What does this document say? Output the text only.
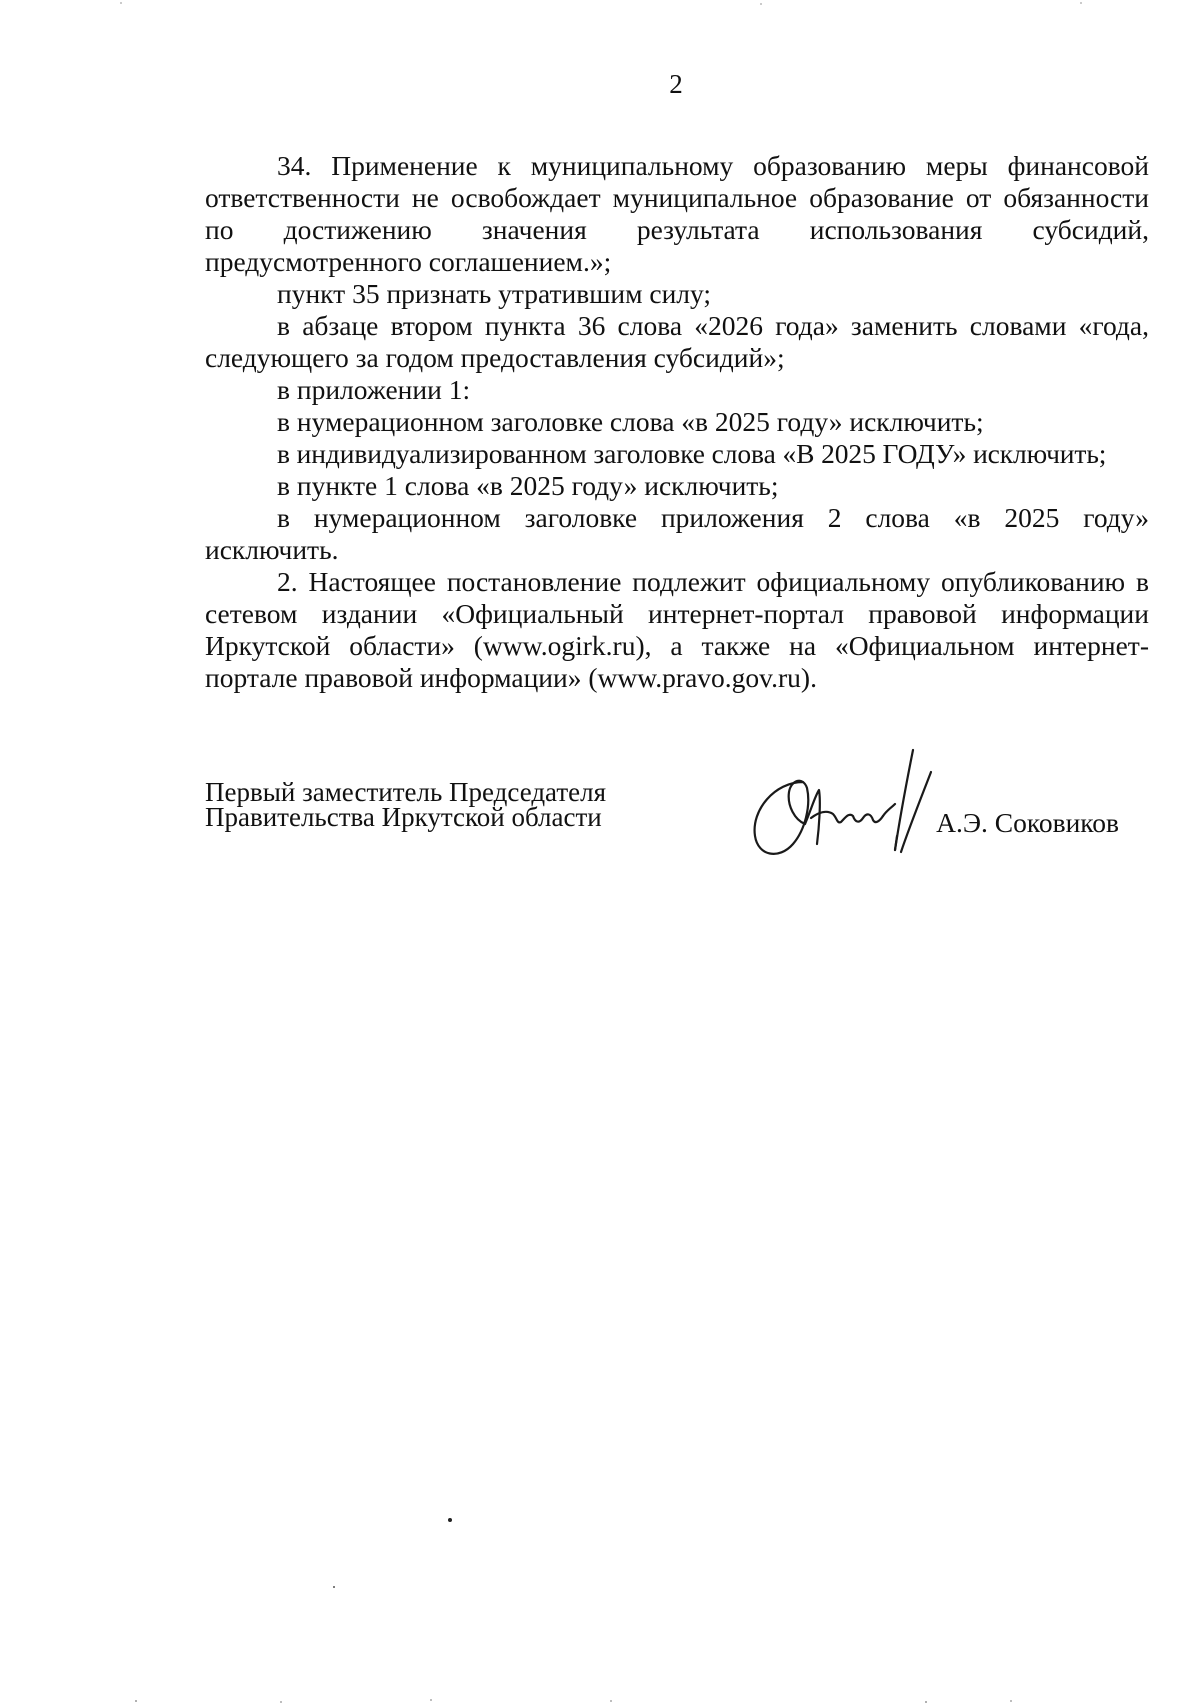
2

34. Применение к муниципальному образованию меры финансовой ответственности не освобождает муниципальное образование от обязанности по достижению значения результата использования субсидий, предусмотренного соглашением.»;

пункт 35 признать утратившим силу;

в абзаце втором пункта 36 слова «2026 года» заменить словами «года, следующего за годом предоставления субсидий»;

в приложении 1:

в нумерационном заголовке слова «в 2025 году» исключить;

в индивидуализированном заголовке слова «В 2025 ГОДУ» исключить;

в пункте 1 слова «в 2025 году» исключить;

в нумерационном заголовке приложения 2 слова «в 2025 году» исключить.

2. Настоящее постановление подлежит официальному опубликованию в сетевом издании «Официальный интернет-портал правовой информации Иркутской области» (www.ogirk.ru), а также на «Официальном интернет-портале правовой информации» (www.pravo.gov.ru).

Первый заместитель Председателя
Правительства Иркутской области	А.Э. Соковиков
